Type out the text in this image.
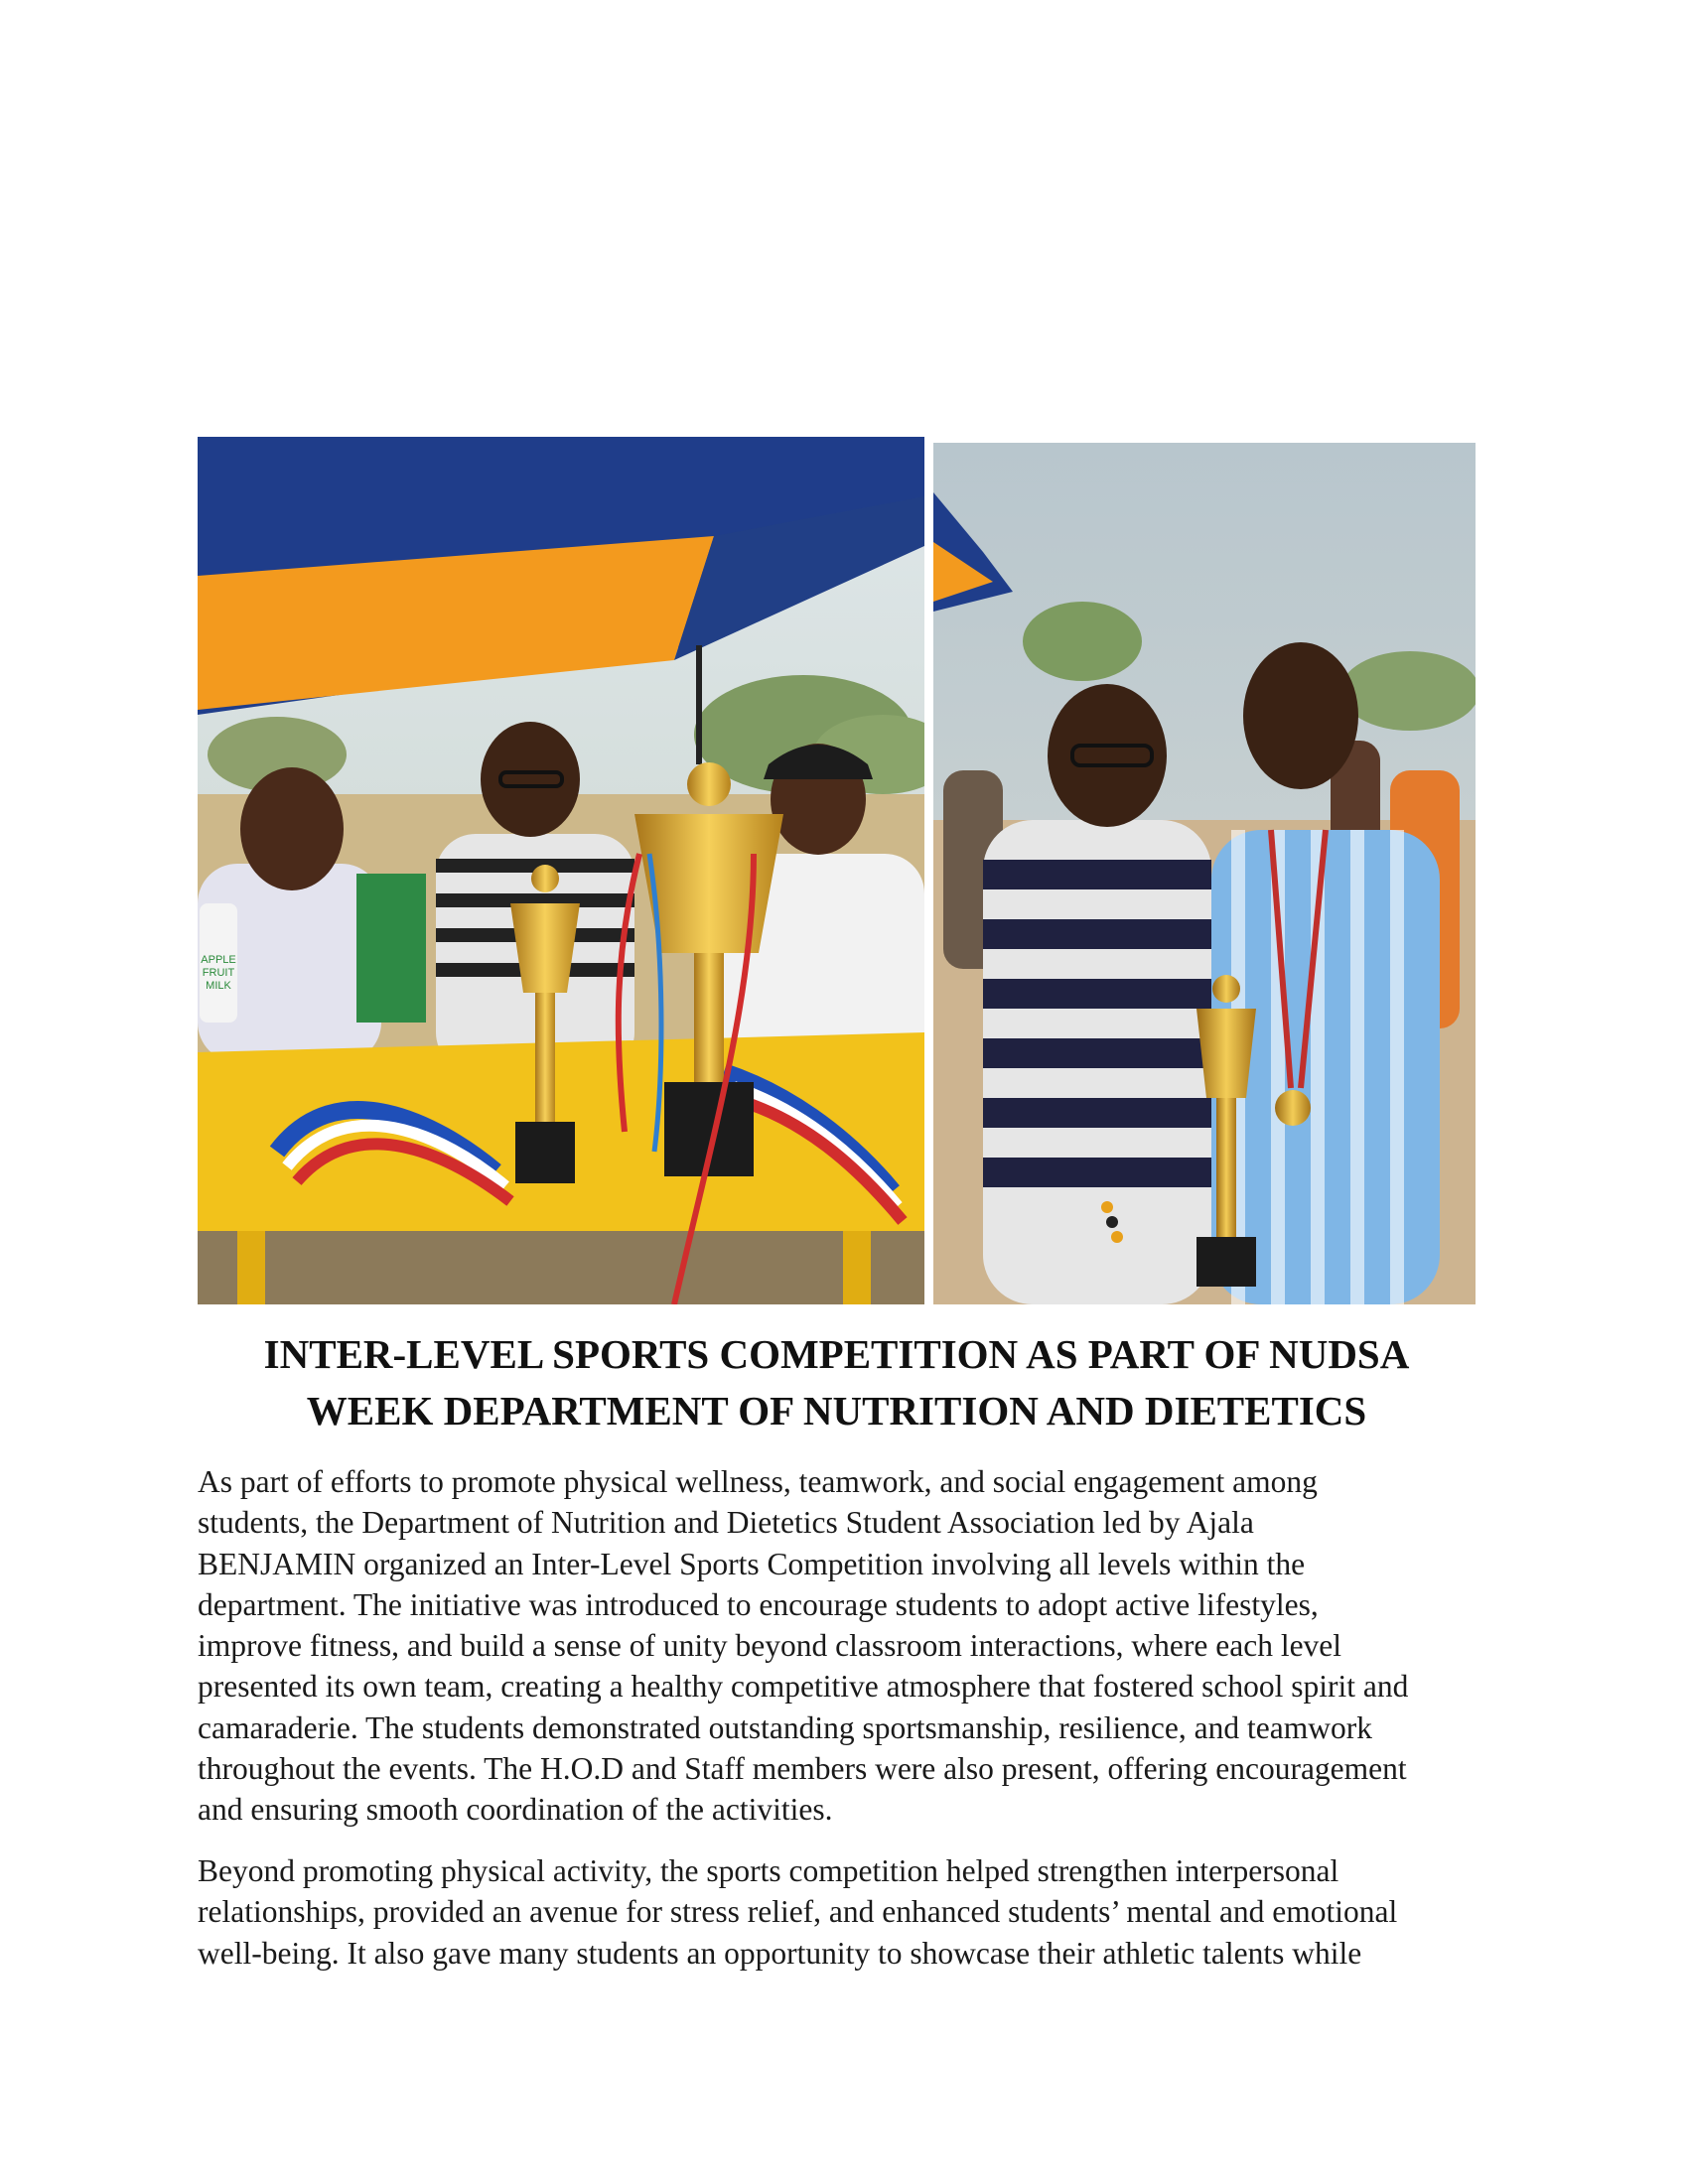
APPLE
FRUIT
MILK
INTER-LEVEL SPORTS COMPETITION AS PART OF NUDSA
WEEK DEPARTMENT OF NUTRITION AND DIETETICS

As part of efforts to promote physical wellness, teamwork, and social engagement among
students, the Department of Nutrition and Dietetics Student Association led by Ajala
BENJAMIN organized an Inter-Level Sports Competition involving all levels within the
department. The initiative was introduced to encourage students to adopt active lifestyles,
improve fitness, and build a sense of unity beyond classroom interactions, where each level
presented its own team, creating a healthy competitive atmosphere that fostered school spirit and
camaraderie. The students demonstrated outstanding sportsmanship, resilience, and teamwork
throughout the events. The H.O.D and Staff members were also present, offering encouragement
and ensuring smooth coordination of the activities.

Beyond promoting physical activity, the sports competition helped strengthen interpersonal
relationships, provided an avenue for stress relief, and enhanced students’ mental and emotional
well-being. It also gave many students an opportunity to showcase their athletic talents while
